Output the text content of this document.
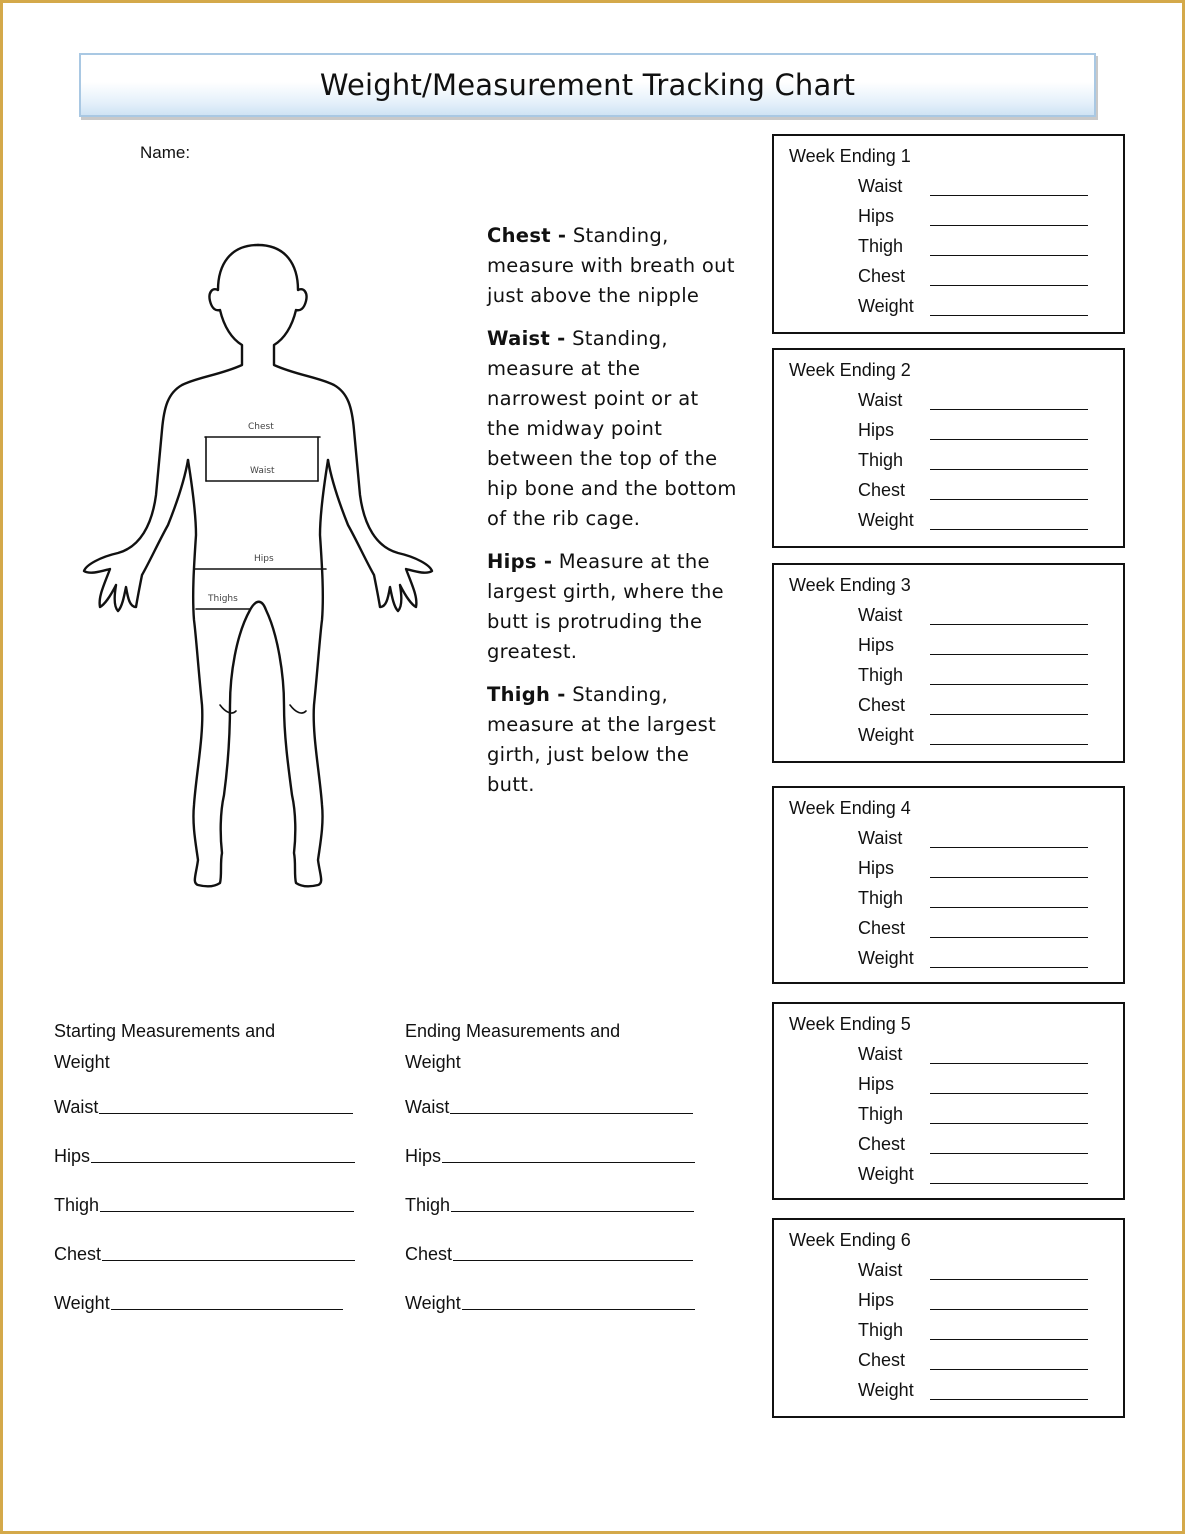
Weight/Measurement Tracking Chart
Name:
Chest
Waist
Hips
Thighs

Chest - Standing, measure with breath out just above the nipple

Waist - Standing, measure at the narrowest point or at the midway point between the top of the hip bone and the bottom of the rib cage.

Hips - Measure at the largest girth, where the butt is protruding the greatest.

Thigh - Standing, measure at the largest girth, just below the butt.

Week Ending 1
Waist
Hips
Thigh
Chest
Weight
Week Ending 2
Waist
Hips
Thigh
Chest
Weight
Week Ending 3
Waist
Hips
Thigh
Chest
Weight
Week Ending 4
Waist
Hips
Thigh
Chest
Weight
Week Ending 5
Waist
Hips
Thigh
Chest
Weight
Week Ending 6
Waist
Hips
Thigh
Chest
Weight
Starting Measurements and Weight
Waist
Hips
Thigh
Chest
Weight
Ending Measurements and Weight
Waist
Hips
Thigh
Chest
Weight
